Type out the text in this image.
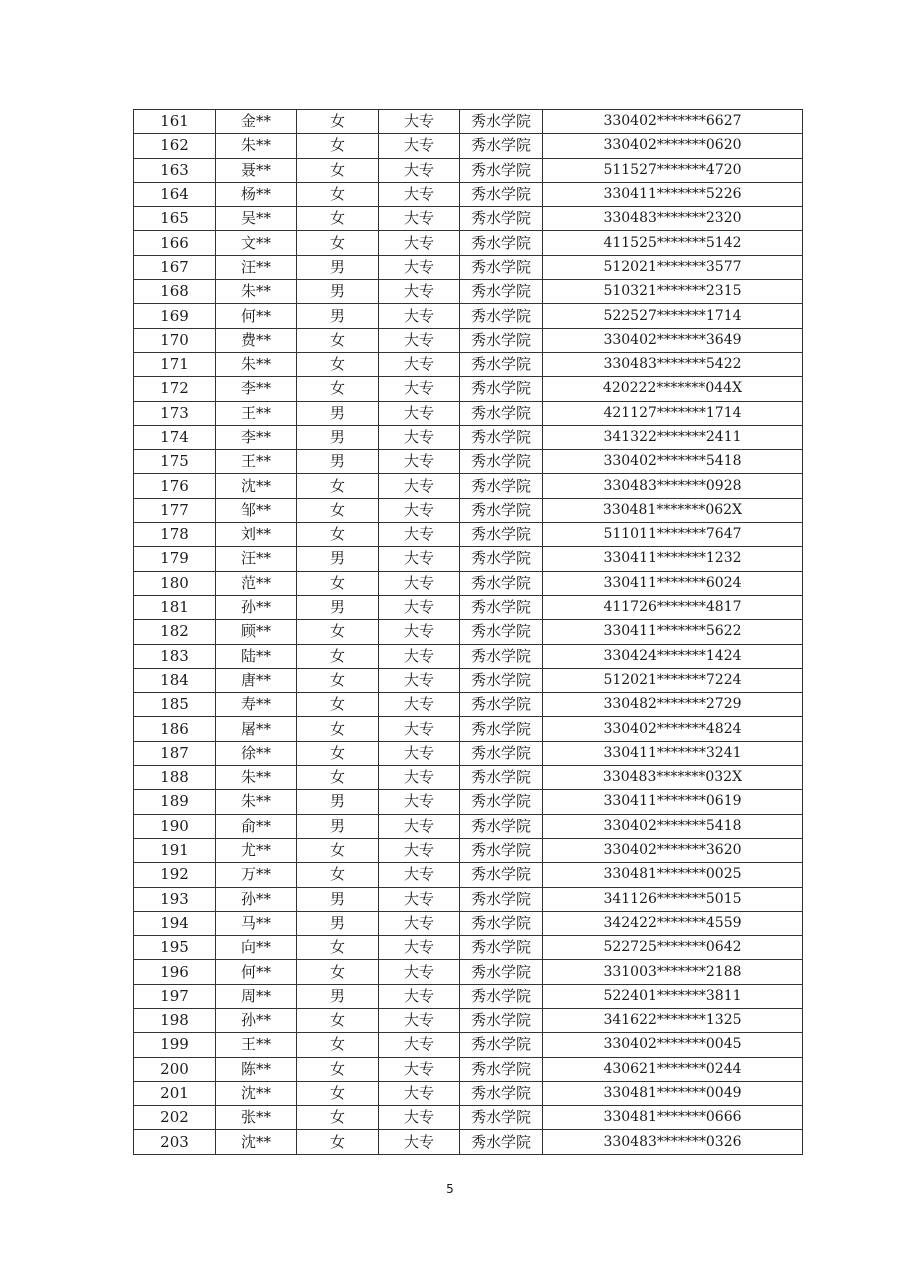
161	金**	女	大专	秀水学院	330402*******6627
162	朱**	女	大专	秀水学院	330402*******0620
163	聂**	女	大专	秀水学院	511527*******4720
164	杨**	女	大专	秀水学院	330411*******5226
165	吴**	女	大专	秀水学院	330483*******2320
166	文**	女	大专	秀水学院	411525*******5142
167	汪**	男	大专	秀水学院	512021*******3577
168	朱**	男	大专	秀水学院	510321*******2315
169	何**	男	大专	秀水学院	522527*******1714
170	费**	女	大专	秀水学院	330402*******3649
171	朱**	女	大专	秀水学院	330483*******5422
172	李**	女	大专	秀水学院	420222*******044X
173	王**	男	大专	秀水学院	421127*******1714
174	李**	男	大专	秀水学院	341322*******2411
175	王**	男	大专	秀水学院	330402*******5418
176	沈**	女	大专	秀水学院	330483*******0928
177	邹**	女	大专	秀水学院	330481*******062X
178	刘**	女	大专	秀水学院	511011*******7647
179	汪**	男	大专	秀水学院	330411*******1232
180	范**	女	大专	秀水学院	330411*******6024
181	孙**	男	大专	秀水学院	411726*******4817
182	顾**	女	大专	秀水学院	330411*******5622
183	陆**	女	大专	秀水学院	330424*******1424
184	唐**	女	大专	秀水学院	512021*******7224
185	寿**	女	大专	秀水学院	330482*******2729
186	屠**	女	大专	秀水学院	330402*******4824
187	徐**	女	大专	秀水学院	330411*******3241
188	朱**	女	大专	秀水学院	330483*******032X
189	朱**	男	大专	秀水学院	330411*******0619
190	俞**	男	大专	秀水学院	330402*******5418
191	尤**	女	大专	秀水学院	330402*******3620
192	万**	女	大专	秀水学院	330481*******0025
193	孙**	男	大专	秀水学院	341126*******5015
194	马**	男	大专	秀水学院	342422*******4559
195	向**	女	大专	秀水学院	522725*******0642
196	何**	女	大专	秀水学院	331003*******2188
197	周**	男	大专	秀水学院	522401*******3811
198	孙**	女	大专	秀水学院	341622*******1325
199	王**	女	大专	秀水学院	330402*******0045
200	陈**	女	大专	秀水学院	430621*******0244
201	沈**	女	大专	秀水学院	330481*******0049
202	张**	女	大专	秀水学院	330481*******0666
203	沈**	女	大专	秀水学院	330483*******0326
5
